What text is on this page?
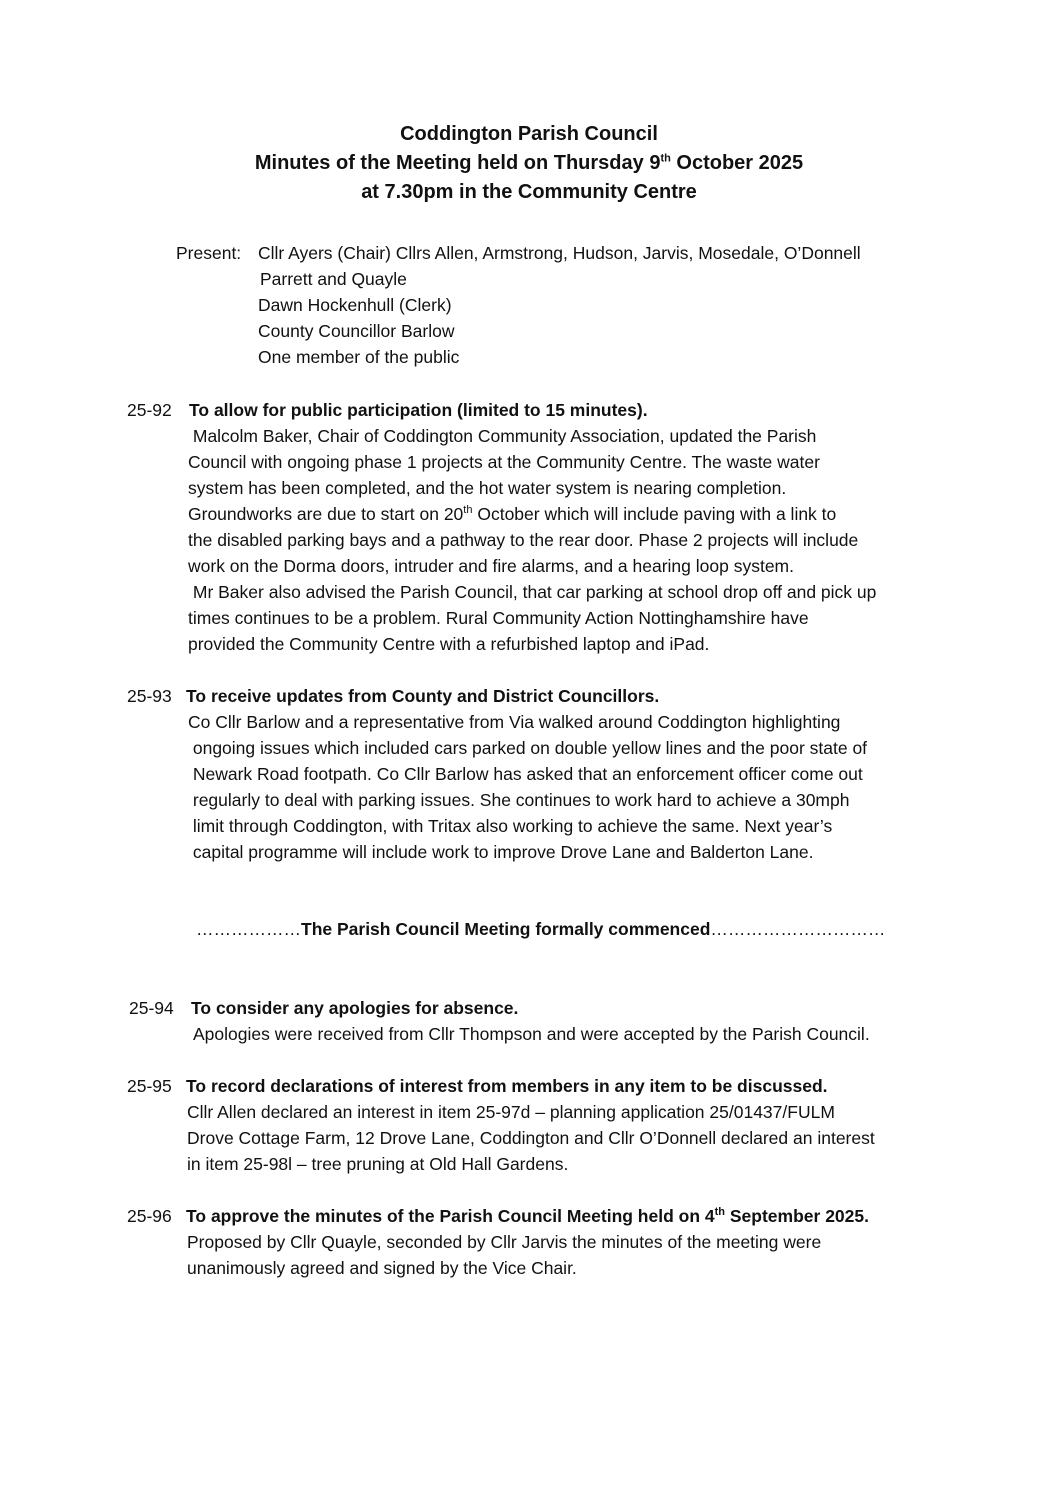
Coddington Parish Council
Minutes of the Meeting held on Thursday 9th October 2025
at 7.30pm in the Community Centre
Present: Cllr Ayers (Chair) Cllrs Allen, Armstrong, Hudson, Jarvis, Mosedale, O’Donnell
Parrett and Quayle
Dawn Hockenhull (Clerk)
County Councillor Barlow
One member of the public
25-92 To allow for public participation (limited to 15 minutes).

Malcolm Baker, Chair of Coddington Community Association, updated the Parish

Council with ongoing phase 1 projects at the Community Centre. The waste water

system has been completed, and the hot water system is nearing completion.

Groundworks are due to start on 20th October which will include paving with a link to

the disabled parking bays and a pathway to the rear door. Phase 2 projects will include

work on the Dorma doors, intruder and fire alarms, and a hearing loop system.

Mr Baker also advised the Parish Council, that car parking at school drop off and pick up

times continues to be a problem. Rural Community Action Nottinghamshire have

provided the Community Centre with a refurbished laptop and iPad.

25-93 To receive updates from County and District Councillors.

Co Cllr Barlow and a representative from Via walked around Coddington highlighting

ongoing issues which included cars parked on double yellow lines and the poor state of

Newark Road footpath. Co Cllr Barlow has asked that an enforcement officer come out

regularly to deal with parking issues. She continues to work hard to achieve a 30mph

limit through Coddington, with Tritax also working to achieve the same. Next year’s

capital programme will include work to improve Drove Lane and Balderton Lane.

………………The Parish Council Meeting formally commenced…………………………
25-94 To consider any apologies for absence.

Apologies were received from Cllr Thompson and were accepted by the Parish Council.

25-95 To record declarations of interest from members in any item to be discussed.

Cllr Allen declared an interest in item 25-97d – planning application 25/01437/FULM

Drove Cottage Farm, 12 Drove Lane, Coddington and Cllr O’Donnell declared an interest

in item 25-98l – tree pruning at Old Hall Gardens.

25-96 To approve the minutes of the Parish Council Meeting held on 4th September 2025.

Proposed by Cllr Quayle, seconded by Cllr Jarvis the minutes of the meeting were

unanimously agreed and signed by the Vice Chair.
